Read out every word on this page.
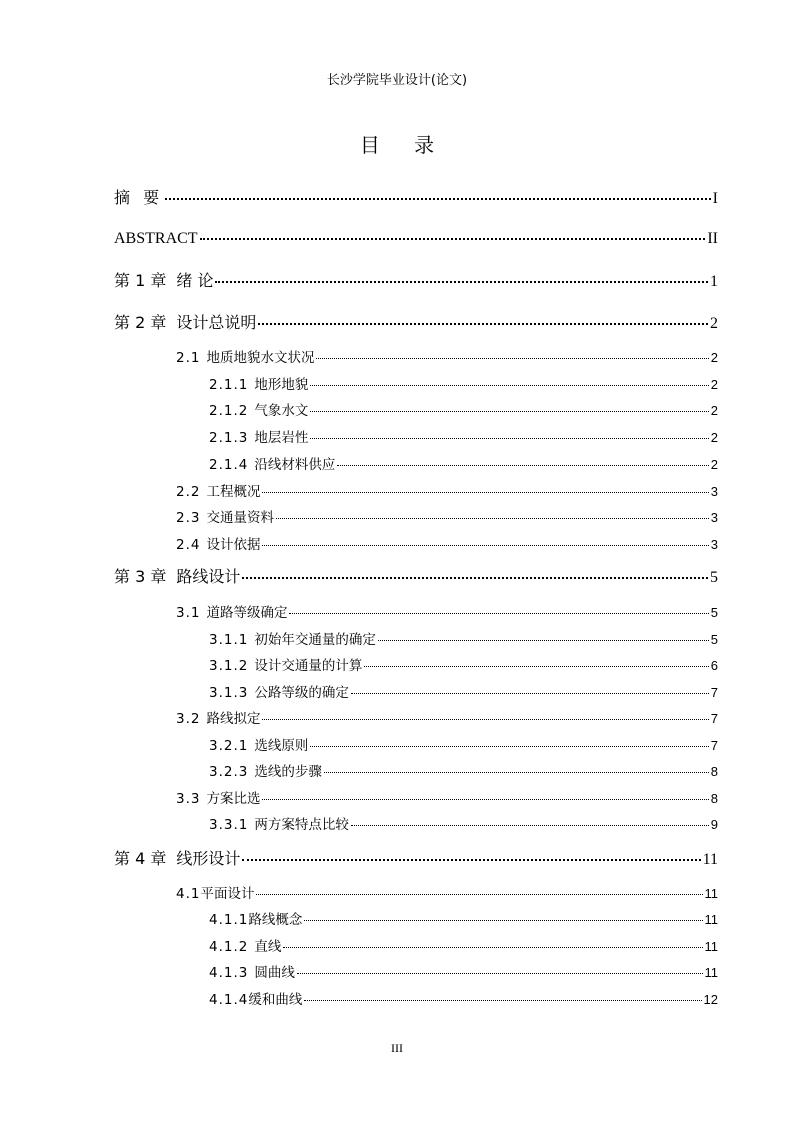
长沙学院毕业设计(论文)
目 录
摘 要	I
ABSTRACT	II
第 1 章 绪 论	1
第 2 章 设计总说明	2
2.1 地质地貌水文状况	2
2.1.1 地形地貌	2
2.1.2 气象水文	2
2.1.3 地层岩性	2
2.1.4 沿线材料供应	2
2.2 工程概况	3
2.3 交通量资料	3
2.4 设计依据	3
第 3 章 路线设计	5
3.1 道路等级确定	5
3.1.1 初始年交通量的确定	5
3.1.2 设计交通量的计算	6
3.1.3 公路等级的确定	7
3.2 路线拟定	7
3.2.1 选线原则	7
3.2.3 选线的步骤	8
3.3 方案比选	8
3.3.1 两方案特点比较	9
第 4 章 线形设计	11
4.1 平面设计	11
4.1.1 路线概念	11
4.1.2 直线	11
4.1.3 圆曲线	11
4.1.4 缓和曲线	12
III
